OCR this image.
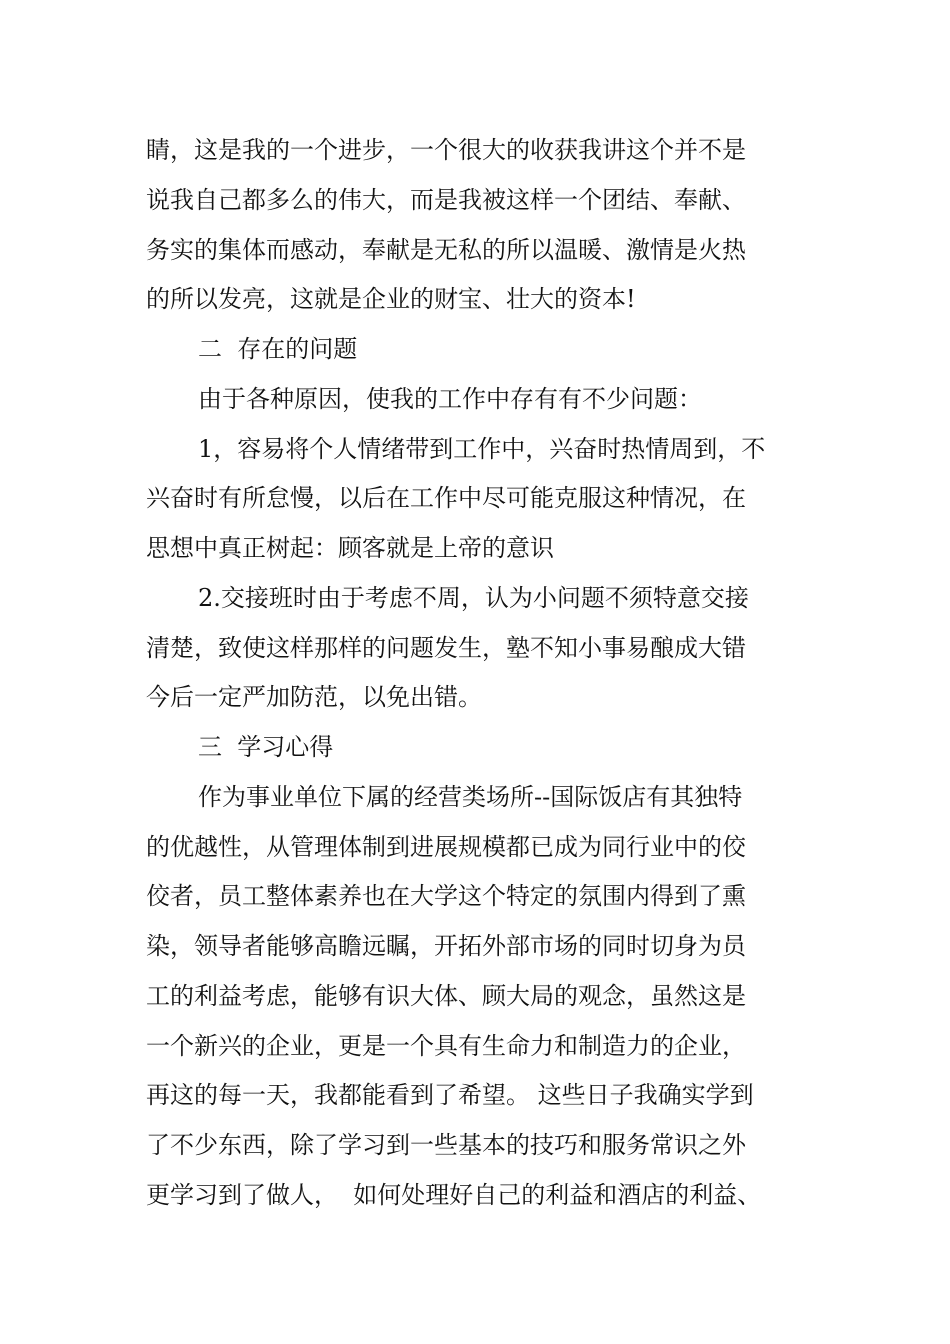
睛，这是我的一个进步，一个很大的收获我讲这个并不是
说我自己都多么的伟大，而是我被这样一个团结、奉献、
务实的集体而感动，奉献是无私的所以温暖、激情是火热
的所以发亮，这就是企业的财宝、壮大的资本!
二  存在的问题
由于各种原因，使我的工作中存有有不少问题：
1，容易将个人情绪带到工作中，兴奋时热情周到，不
兴奋时有所怠慢，以后在工作中尽可能克服这种情况，在
思想中真正树起：顾客就是上帝的意识
2.交接班时由于考虑不周，认为小问题不须特意交接
清楚，致使这样那样的问题发生，塾不知小事易酿成大错
今后一定严加防范，以免出错。
三  学习心得
作为事业单位下属的经营类场所--国际饭店有其独特
的优越性，从管理体制到进展规模都已成为同行业中的佼
佼者，员工整体素养也在大学这个特定的氛围内得到了熏
染，领导者能够高瞻远瞩，开拓外部市场的同时切身为员
工的利益考虑，能够有识大体、顾大局的观念，虽然这是
一个新兴的企业，更是一个具有生命力和制造力的企业，
再这的每一天，我都能看到了希望。 这些日子我确实学到
了不少东西，除了学习到一些基本的技巧和服务常识之外
更学习到了做人，  如何处理好自己的利益和酒店的利益、
